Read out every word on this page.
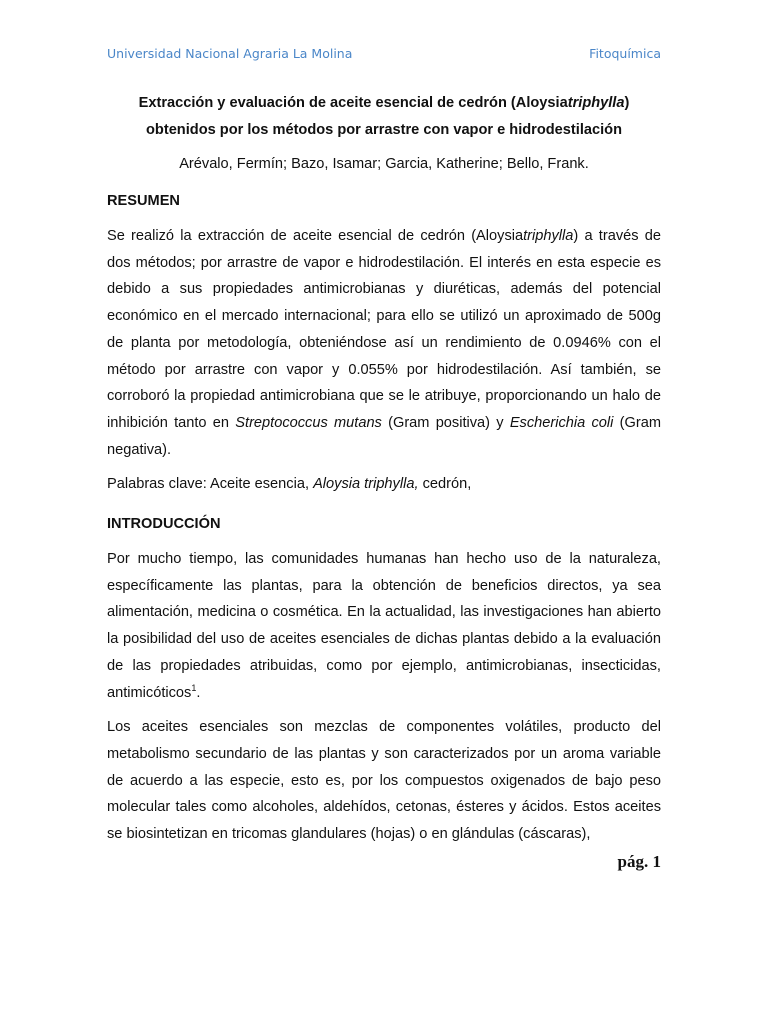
Universidad Nacional Agraria La Molina	Fitoquímica
Extracción y evaluación de aceite esencial de cedrón (Aloysiatriphylla)
obtenidos por los métodos por arrastre con vapor e hidrodestilación
Arévalo, Fermín; Bazo, Isamar; Garcia, Katherine; Bello, Frank.
RESUMEN

Se realizó la extracción de aceite esencial de cedrón (Aloysiatriphylla) a través de dos métodos; por arrastre de vapor e hidrodestilación. El interés en esta especie es debido a sus propiedades antimicrobianas y diuréticas, además del potencial económico en el mercado internacional; para ello se utilizó un aproximado de 500g de planta por metodología, obteniéndose así un rendimiento de 0.0946% con el método por arrastre con vapor y 0.055% por hidrodestilación. Así también, se corroboró la propiedad antimicrobiana que se le atribuye, proporcionando un halo de inhibición tanto en Streptococcus mutans (Gram positiva) y Escherichia coli (Gram negativa).

Palabras clave: Aceite esencia, Aloysia triphylla, cedrón,

INTRODUCCIÓN

Por mucho tiempo, las comunidades humanas han hecho uso de la naturaleza, específicamente las plantas, para la obtención de beneficios directos, ya sea alimentación, medicina o cosmética. En la actualidad, las investigaciones han abierto la posibilidad del uso de aceites esenciales de dichas plantas debido a la evaluación de las propiedades atribuidas, como por ejemplo, antimicrobianas, insecticidas, antimicóticos$^1$.

Los aceites esenciales son mezclas de componentes volátiles, producto del metabolismo secundario de las plantas y son caracterizados por un aroma variable de acuerdo a las especie, esto es, por los compuestos oxigenados de bajo peso molecular tales como alcoholes, aldehídos, cetonas, ésteres y ácidos. Estos aceites se biosintetizan en tricomas glandulares (hojas) o en glándulas (cáscaras),

pág. 1
